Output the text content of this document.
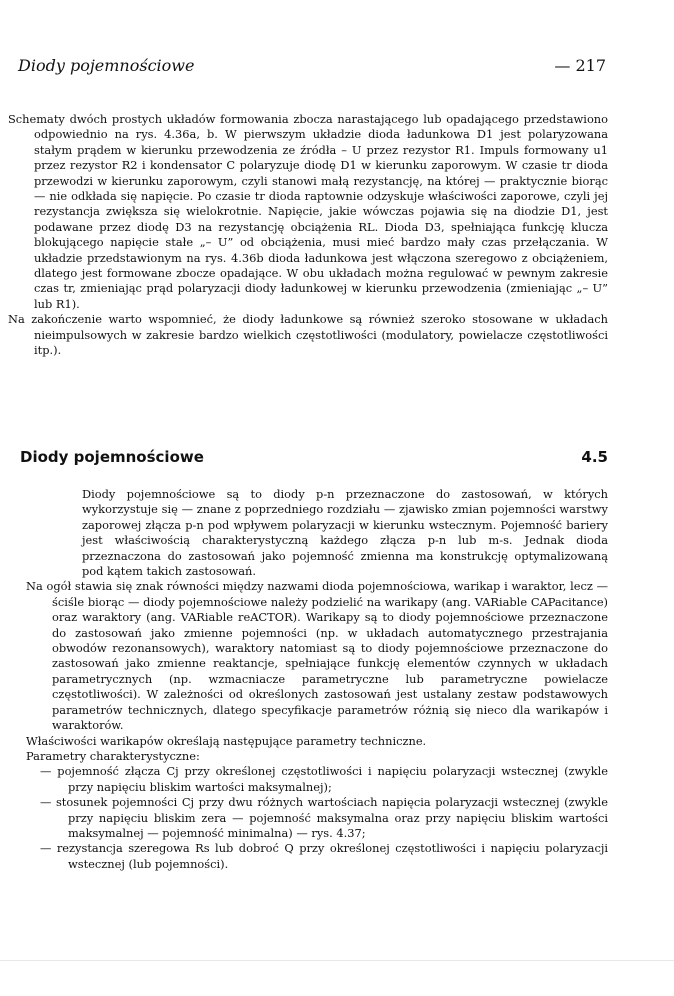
Diody pojemnościowe	— 217

Schematy dwóch prostych układów formowania zbocza narastającego lub opadającego przedstawiono odpowiednio na rys. 4.36a, b. W pierwszym układzie dioda ładunkowa D1 jest polaryzowana stałym prądem w kierunku przewodzenia ze źródła – U przez rezystor R1. Impuls formowany u1 przez rezystor R2 i kondensator C polaryzuje diodę D1 w kierunku zaporowym. W czasie tr dioda przewodzi w kierunku zaporowym, czyli stanowi małą rezystancję, na której — praktycznie biorąc — nie odkłada się napięcie. Po czasie tr dioda raptownie odzyskuje właściwości zaporowe, czyli jej rezystancja zwiększa się wielokrotnie. Napięcie, jakie wówczas pojawia się na diodzie D1, jest podawane przez diodę D3 na rezystancję obciążenia RL. Dioda D3, spełniająca funkcję klucza blokującego napięcie stałe „– U” od obciążenia, musi mieć bardzo mały czas przełączania. W układzie przedstawionym na rys. 4.36b dioda ładunkowa jest włączona szeregowo z obciążeniem, dlatego jest formowane zbocze opadające. W obu układach można regulować w pewnym zakresie czas tr, zmieniając prąd polaryzacji diody ładunkowej w kierunku przewodzenia (zmieniając „– U” lub R1).

Na zakończenie warto wspomnieć, że diody ładunkowe są również szeroko stosowane w układach nieimpulsowych w zakresie bardzo wielkich częstotliwości (modulatory, powielacze częstotliwości itp.).

Diody pojemnościowe	4.5

Diody pojemnościowe są to diody p-n przeznaczone do zastosowań, w których wykorzystuje się — znane z poprzedniego rozdziału — zjawisko zmian pojemności warstwy zaporowej złącza p-n pod wpływem polaryzacji w kierunku wstecznym. Pojemność bariery jest właściwością charakterystyczną każdego złącza p-n lub m-s. Jednak dioda przeznaczona do zastosowań jako pojemność zmienna ma konstrukcję optymalizowaną pod kątem takich zastosowań.

Na ogół stawia się znak równości między nazwami dioda pojemnościowa, warikap i waraktor, lecz — ściśle biorąc — diody pojemnościowe należy podzielić na warikapy (ang. VARiable CAPacitance) oraz waraktory (ang. VARiable reACTOR). Warikapy są to diody pojemnościowe przeznaczone do zastosowań jako zmienne pojemności (np. w układach automatycznego przestrajania obwodów rezonansowych), waraktory natomiast są to diody pojemnościowe przeznaczone do zastosowań jako zmienne reaktancje, spełniające funkcję elementów czynnych w układach parametrycznych (np. wzmacniacze parametryczne lub parametryczne powielacze częstotliwości). W zależności od określonych zastosowań jest ustalany zestaw podstawowych parametrów technicznych, dlatego specyfikacje parametrów różnią się nieco dla warikapów i waraktorów.

Właściwości warikapów określają następujące parametry techniczne.

Parametry charakterystyczne:

— pojemność złącza Cj przy określonej częstotliwości i napięciu polaryzacji wstecznej (zwykle przy napięciu bliskim wartości maksymalnej);

— stosunek pojemności Cj przy dwu różnych wartościach napięcia polaryzacji wstecznej (zwykle przy napięciu bliskim zera — pojemność maksymalna oraz przy napięciu bliskim wartości maksymalnej — pojemność minimalna) — rys. 4.37;

— rezystancja szeregowa Rs lub dobroć Q przy określonej częstotliwości i napięciu polaryzacji wstecznej (lub pojemności).
